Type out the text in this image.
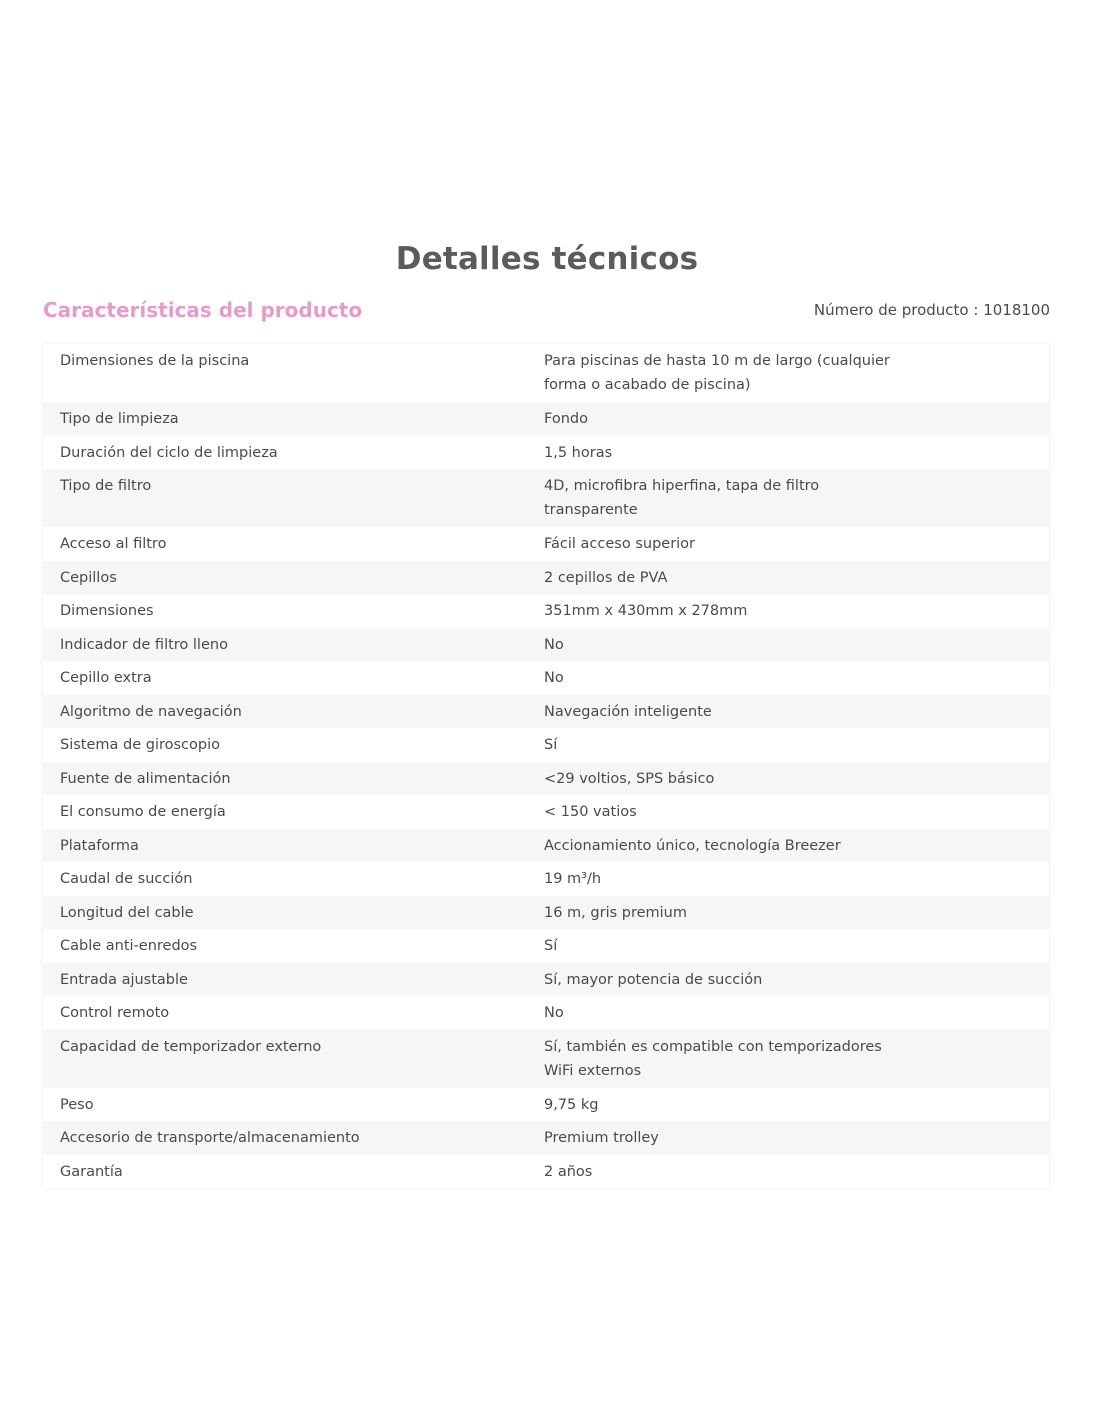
Detalles técnicos
Características del producto	Número de producto : 1018100
Dimensiones de la piscina	Para piscinas de hasta 10 m de largo (cualquier forma o acabado de piscina)
Tipo de limpieza	Fondo
Duración del ciclo de limpieza	1,5 horas
Tipo de filtro	4D, microfibra hiperfina, tapa de filtro transparente
Acceso al filtro	Fácil acceso superior
Cepillos	2 cepillos de PVA
Dimensiones	351mm x 430mm x 278mm
Indicador de filtro lleno	No
Cepillo extra	No
Algoritmo de navegación	Navegación inteligente
Sistema de giroscopio	Sí
Fuente de alimentación	<29 voltios, SPS básico
El consumo de energía	< 150 vatios
Plataforma	Accionamiento único, tecnología Breezer
Caudal de succión	19 m³/h
Longitud del cable	16 m, gris premium
Cable anti-enredos	Sí
Entrada ajustable	Sí, mayor potencia de succión
Control remoto	No
Capacidad de temporizador externo	Sí, también es compatible con temporizadores WiFi externos
Peso	9,75 kg
Accesorio de transporte/almacenamiento	Premium trolley
Garantía	2 años
